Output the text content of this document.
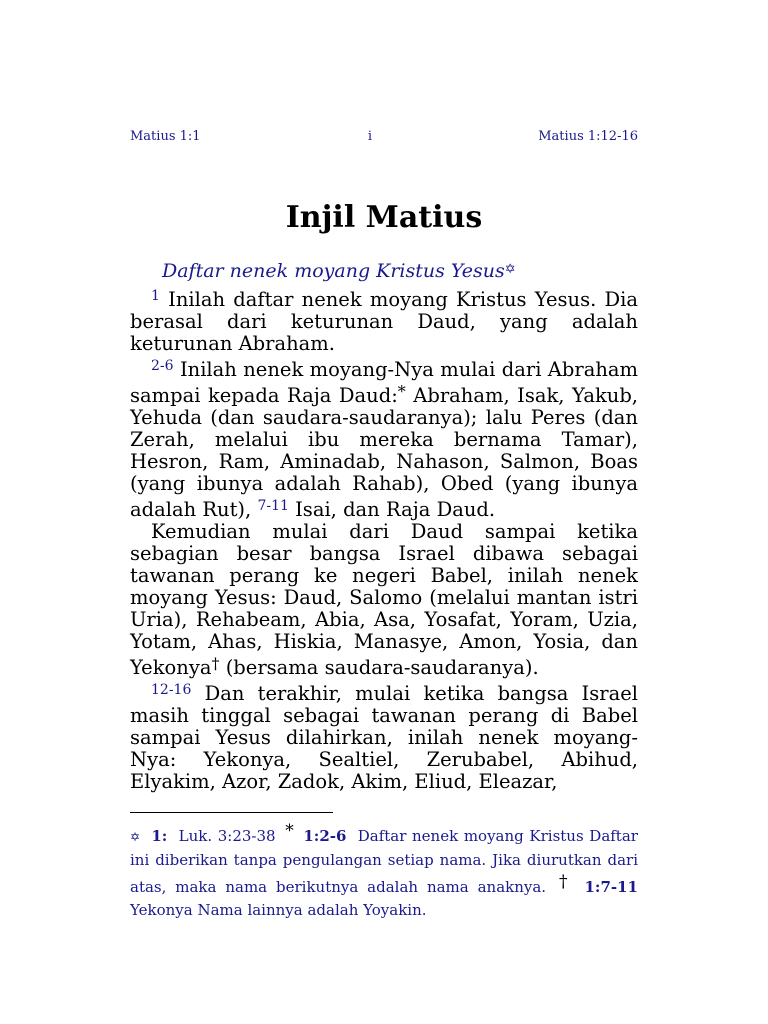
Matius 1:1	i	Matius 1:12-16
Injil Matius
Daftar nenek moyang Kristus Yesus✡

$^1$ Inilah daftar nenek moyang Kristus Yesus. Dia berasal dari keturunan Daud, yang adalah keturunan Abraham.

$^{2-6}$ Inilah nenek moyang-Nya mulai dari Abraham sampai kepada Raja Daud:* Abraham, Isak, Yakub, Yehuda (dan saudara-saudaranya); lalu Peres (dan Zerah, melalui ibu mereka bernama Tamar), Hesron, Ram, Aminadab, Nahason, Salmon, Boas (yang ibunya adalah Rahab), Obed (yang ibunya adalah Rut), $^{7-11}$ Isai, dan Raja Daud.

Kemudian mulai dari Daud sampai ketika sebagian besar bangsa Israel dibawa sebagai tawanan perang ke negeri Babel, inilah nenek moyang Yesus: Daud, Salomo (melalui mantan istri Uria), Rehabeam, Abia, Asa, Yosafat, Yoram, Uzia, Yotam, Ahas, Hiskia, Manasye, Amon, Yosia, dan Yekonya† (bersama saudara-saudaranya).

$^{12-16}$ Dan terakhir, mulai ketika bangsa Israel masih tinggal sebagai tawanan perang di Babel sampai Yesus dilahirkan, inilah nenek moyang-Nya: Yekonya, Sealtiel, Zerubabel, Abihud, Elyakim, Azor, Zadok, Akim, Eliud, Eleazar,

✡ 1: Luk. 3:23-38 * 1:2-6 Daftar nenek moyang Kristus Daftar ini diberikan tanpa pengulangan setiap nama. Jika diurutkan dari atas, maka nama berikutnya adalah nama anaknya. † 1:7-11 Yekonya Nama lainnya adalah Yoyakin.
